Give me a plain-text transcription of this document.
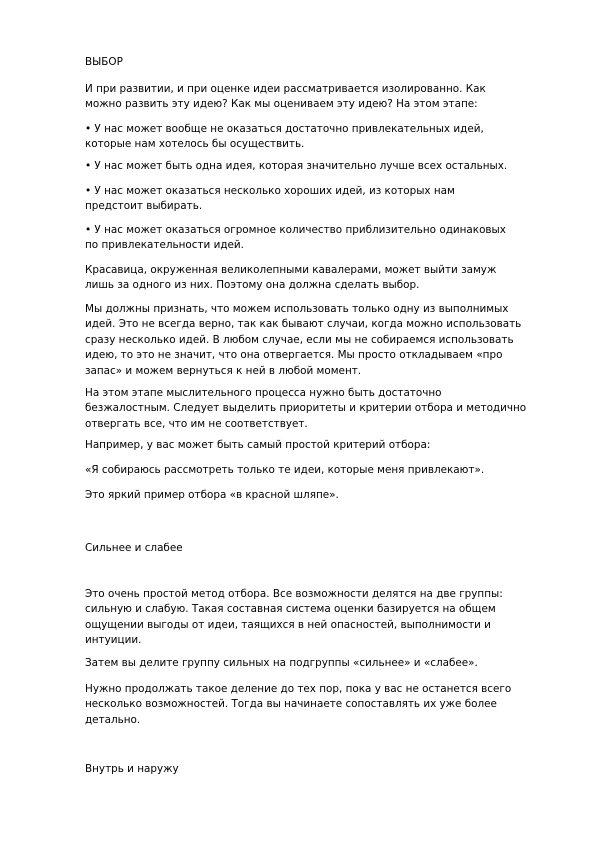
ВЫБОР
И при развитии, и при оценке идеи рассматривается изолированно. Как
можно развить эту идею? Как мы оцениваем эту идею? На этом этапе:
• У нас может вообще не оказаться достаточно привлекательных идей,
которые нам хотелось бы осуществить.
• У нас может быть одна идея, которая значительно лучше всех остальных.
• У нас может оказаться несколько хороших идей, из которых нам
предстоит выбирать.
• У нас может оказаться огромное количество приблизительно одинаковых
по привлекательности идей.
Красавица, окруженная великолепными кавалерами, может выйти замуж
лишь за одного из них. Поэтому она должна сделать выбор.
Мы должны признать, что можем использовать только одну из выполнимых
идей. Это не всегда верно, так как бывают случаи, когда можно использовать
сразу несколько идей. В любом случае, если мы не собираемся использовать
идею, то это не значит, что она отвергается. Мы просто откладываем «про
запас» и можем вернуться к ней в любой момент.
На этом этапе мыслительного процесса нужно быть достаточно
безжалостным. Следует выделить приоритеты и критерии отбора и методично
отвергать все, что им не соответствует.
Например, у вас может быть самый простой критерий отбора:
«Я собираюсь рассмотреть только те идеи, которые меня привлекают».
Это яркий пример отбора «в красной шляпе».
Сильнее и слабее
Это очень простой метод отбора. Все возможности делятся на две группы:
сильную и слабую. Такая составная система оценки базируется на общем
ощущении выгоды от идеи, таящихся в ней опасностей, выполнимости и
интуиции.
Затем вы делите группу сильных на подгруппы «сильнее» и «слабее».
Нужно продолжать такое деление до тех пор, пока у вас не останется всего
несколько возможностей. Тогда вы начинаете сопоставлять их уже более
детально.
Внутрь и наружу
